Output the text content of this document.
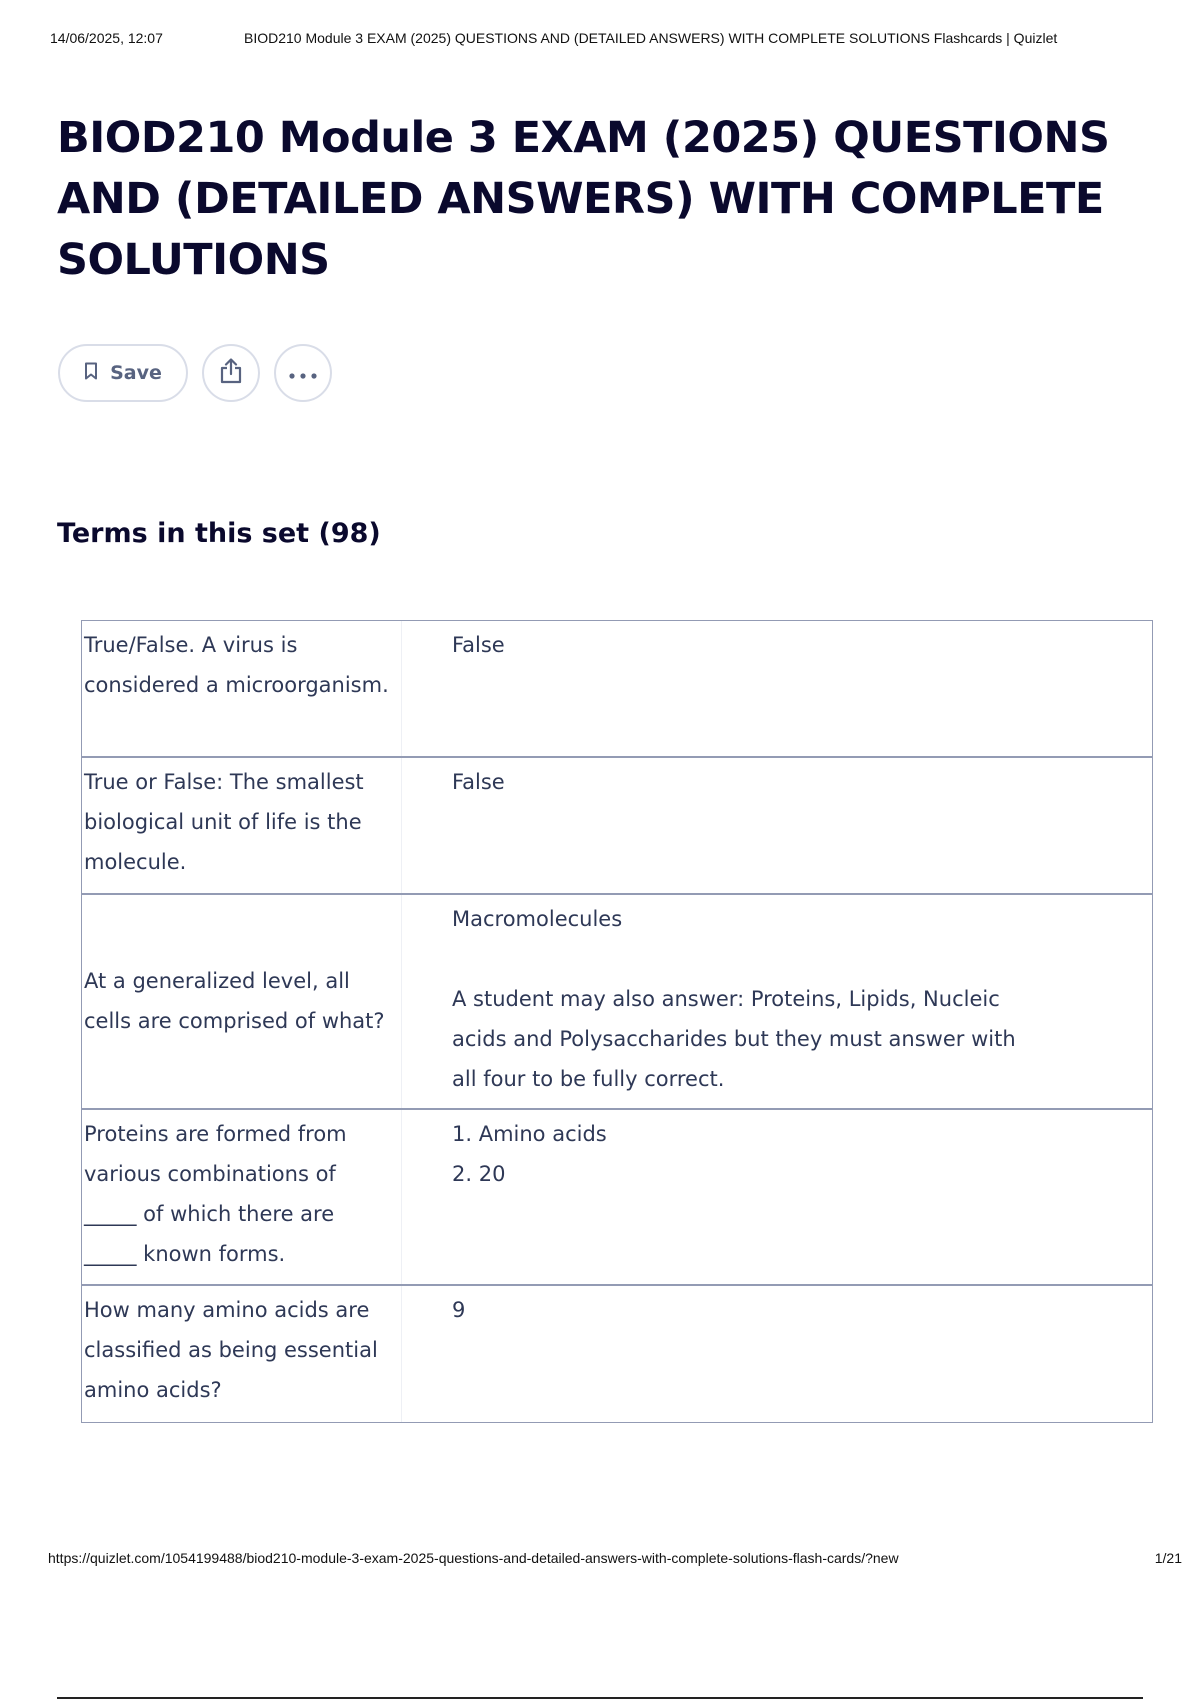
14/06/2025, 12:07	BIOD210 Module 3 EXAM (2025) QUESTIONS AND (DETAILED ANSWERS) WITH COMPLETE SOLUTIONS Flashcards | Quizlet
BIOD210 Module 3 EXAM (2025) QUESTIONS AND (DETAILED ANSWERS) WITH COMPLETE SOLUTIONS
Save
Terms in this set (98)
True/False. A virus is considered a microorganism.
False
True or False: The smallest biological unit of life is the molecule.
False
At a generalized level, all cells are comprised of what?
Macromolecules
A student may also answer: Proteins, Lipids, Nucleic
acids and Polysaccharides but they must answer with
all four to be fully correct.
Proteins are formed from various combinations of _____ of which there are _____ known forms.
1. Amino acids
2. 20
How many amino acids are classified as being essential amino acids?
9
https://quizlet.com/1054199488/biod210-module-3-exam-2025-questions-and-detailed-answers-with-complete-solutions-flash-cards/?new	1/21
